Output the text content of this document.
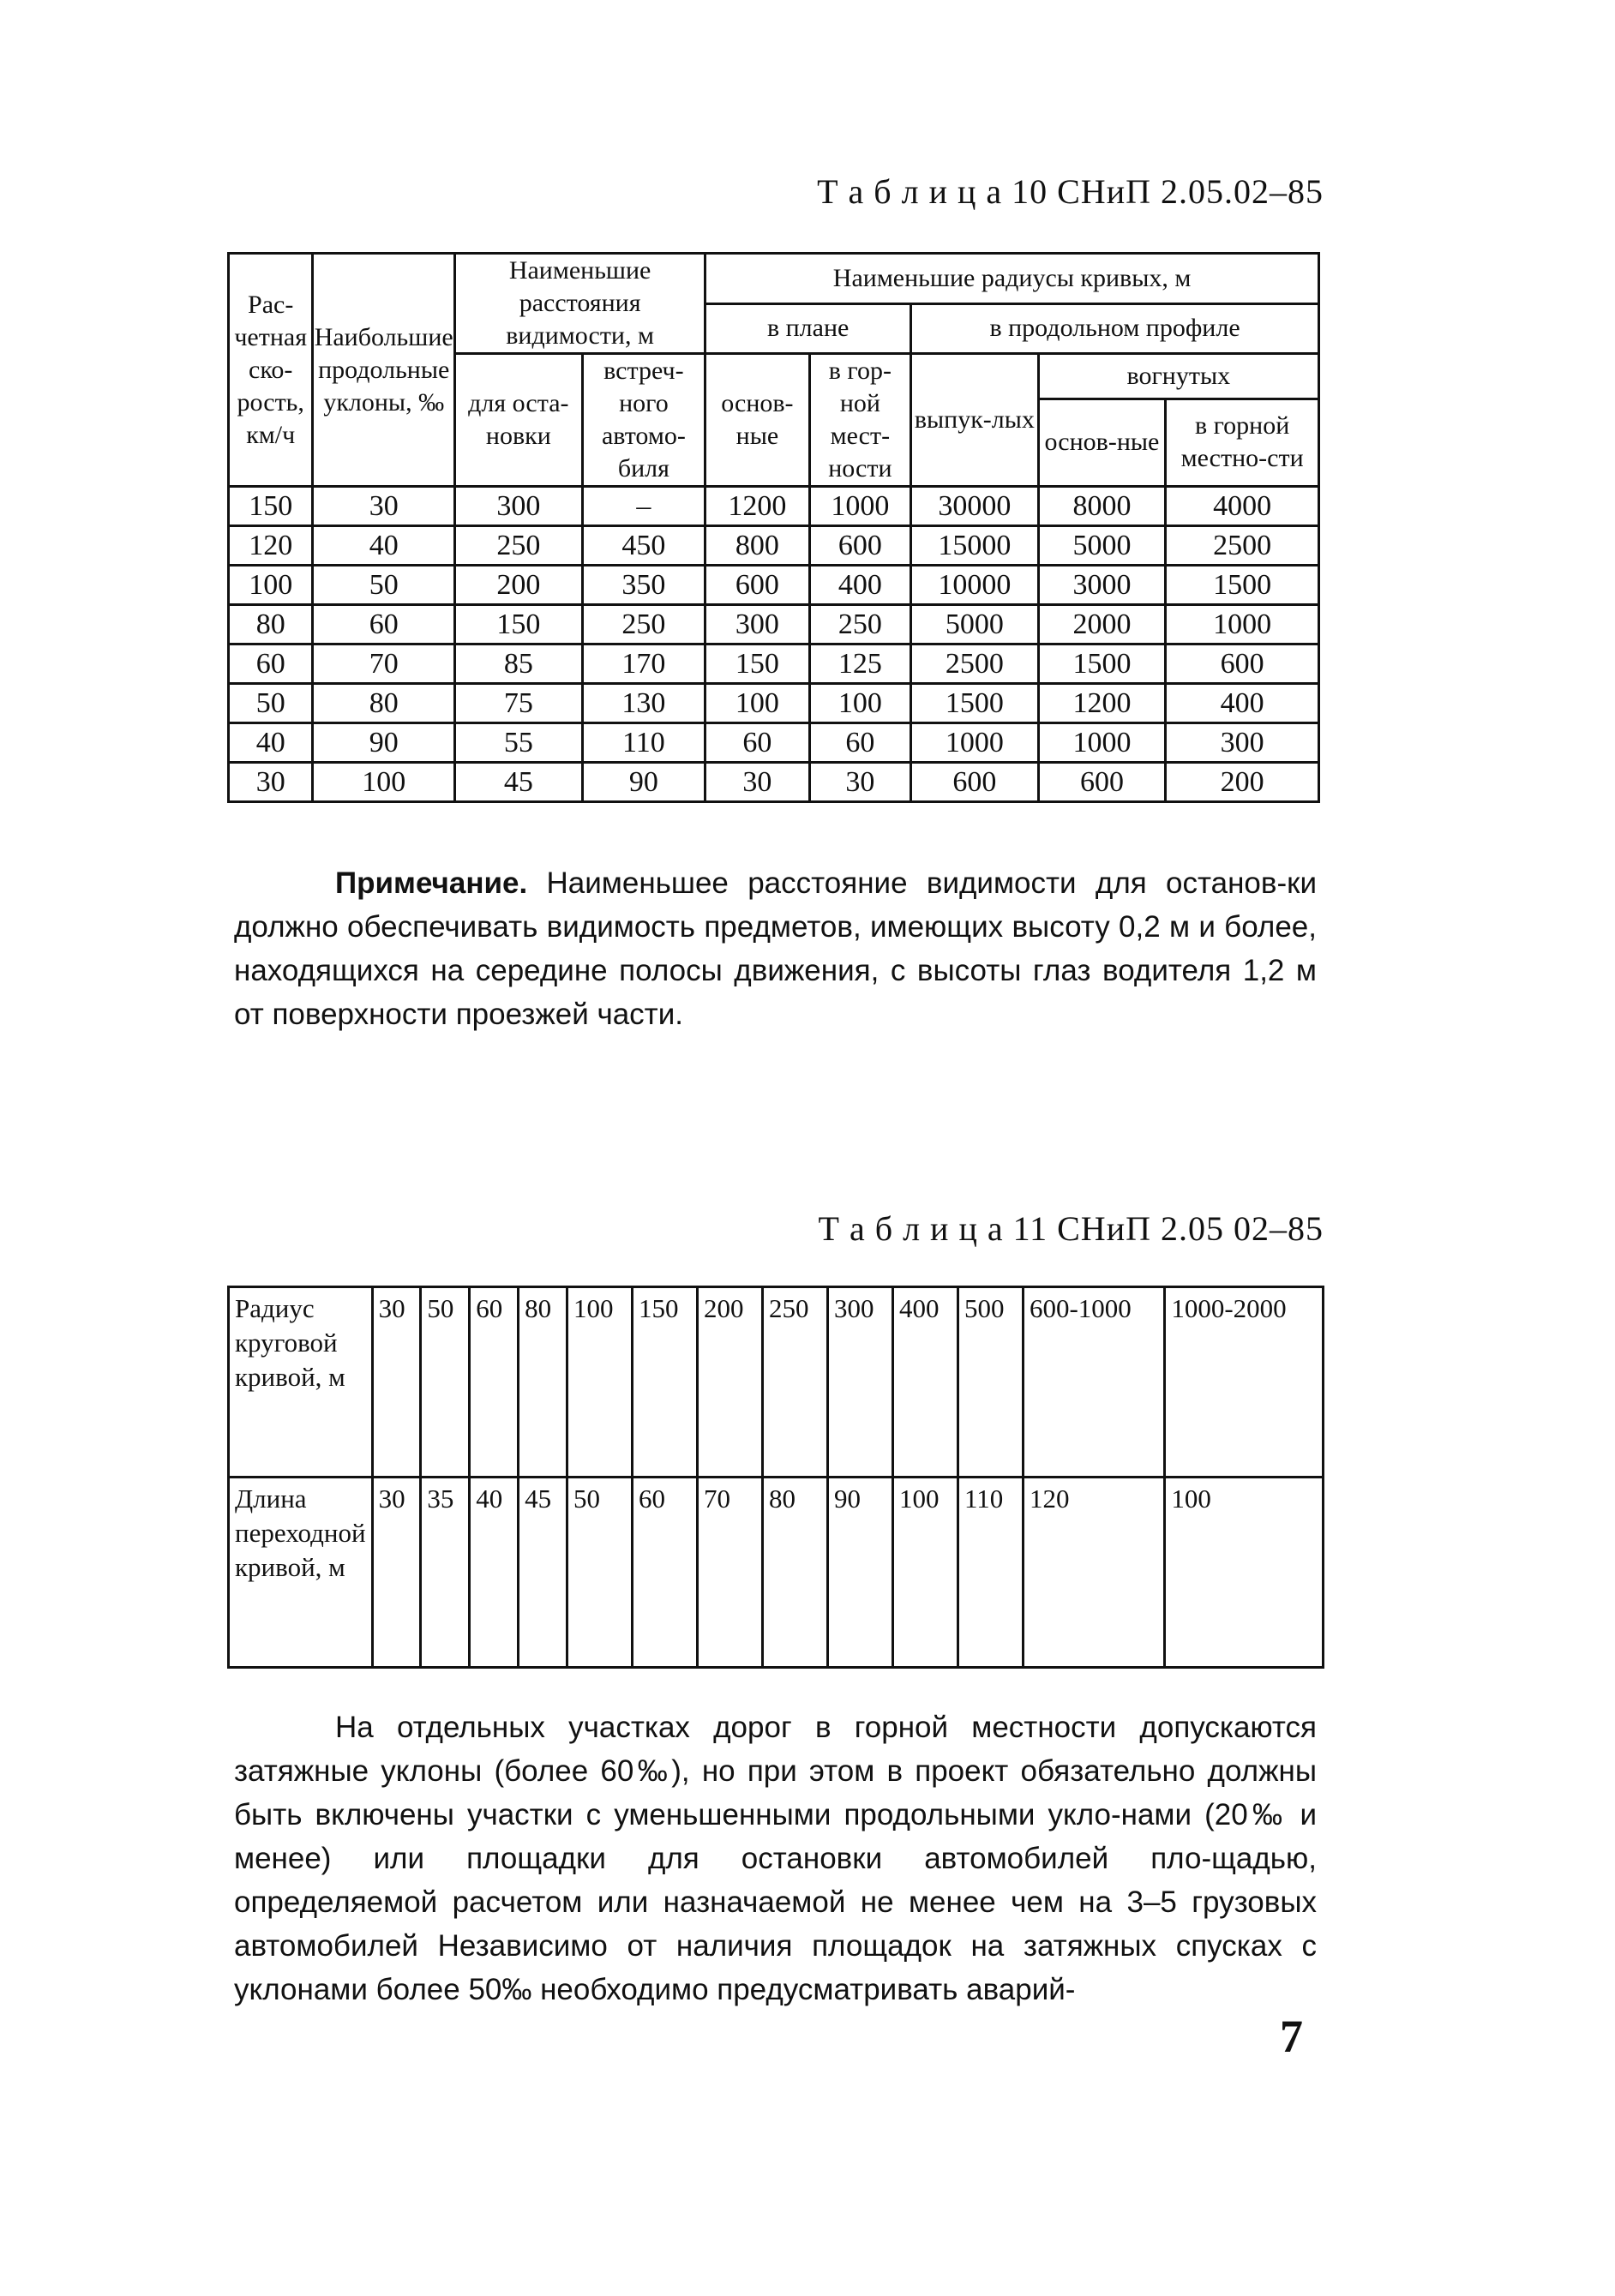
Т а б л и ц а 10 СНиП 2.05.02–85
Рас-четная ско-рость, км/ч	Наибольшие продольные уклоны, ‰	Наименьшие расстояния видимости, м		Наименьшие радиусы кривых, м				
				в плане		в продольном профиле		
		для оста-новки	встреч-ного автомо-биля	основ-ные	в гор-ной мест-ности	выпук-лых	вогнутых	
							основ-ные	в горной местно-сти
150	30	300	–	1200	1000	30000	8000	4000
120	40	250	450	800	600	15000	5000	2500
100	50	200	350	600	400	10000	3000	1500
80	60	150	250	300	250	5000	2000	1000
60	70	85	170	150	125	2500	1500	600
50	80	75	130	100	100	1500	1200	400
40	90	55	110	60	60	1000	1000	300
30	100	45	90	30	30	600	600	200
Примечание. Наименьшее расстояние видимости для останов-ки должно обеспечивать видимость предметов, имеющих высоту 0,2 м и более, находящихся на середине полосы движения, с высоты глаз водителя 1,2 м от поверхности проезжей части.
Т а б л и ц а 11 СНиП 2.05 02–85
Радиус круговой кривой, м	30	50	60	80	100	150	200	250	300	400	500	600-1000	1000-2000
Длина переходной кривой, м	30	35	40	45	50	60	70	80	90	100	110	120	100
На отдельных участках дорог в горной местности допускаются затяжные уклоны (более 60‰), но при этом в проект обязательно должны быть включены участки с уменьшенными продольными укло-нами (20‰ и менее) или площадки для остановки автомобилей пло-щадью, определяемой расчетом или назначаемой не менее чем на 3–5 грузовых автомобилей Независимо от наличия площадок на затяжных спусках с уклонами более 50‰ необходимо предусматривать аварий-
7
